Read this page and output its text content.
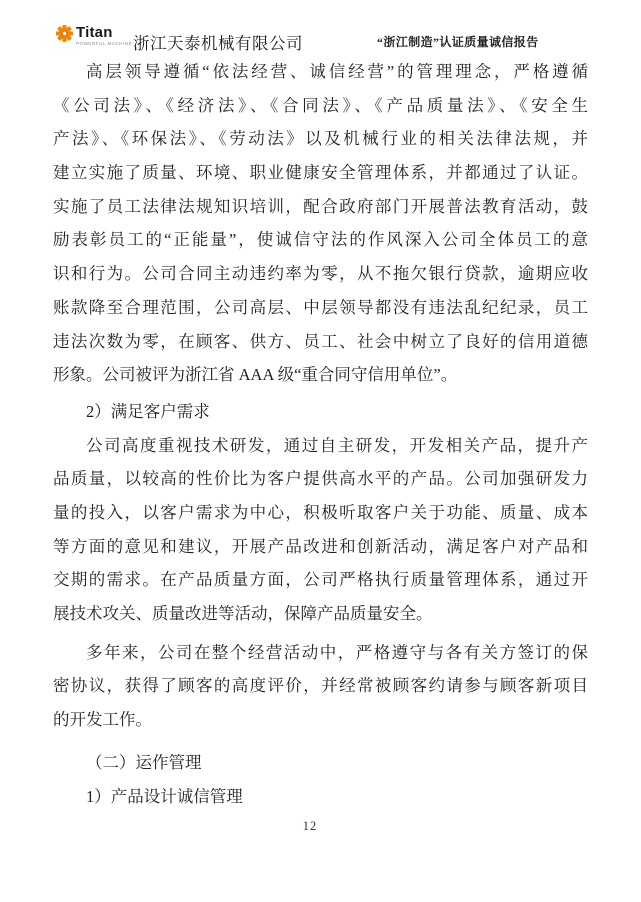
Titan
POWERFUL MACHINE 浙江天泰机械有限公司	“浙江制造”认证质量诚信报告
高层领导遵循“依法经营、诚信经营”的管理理念，严格遵循
《公司法》、《经济法》、《合同法》、《产品质量法》、《安全生
产法》、《环保法》、《劳动法》以及机械行业的相关法律法规，并
建立实施了质量、环境、职业健康安全管理体系，并都通过了认证。
实施了员工法律法规知识培训，配合政府部门开展普法教育活动，鼓
励表彰员工的“正能量”，使诚信守法的作风深入公司全体员工的意
识和行为。公司合同主动违约率为零，从不拖欠银行贷款，逾期应收
账款降至合理范围，公司高层、中层领导都没有违法乱纪纪录，员工
违法次数为零，在顾客、供方、员工、社会中树立了良好的信用道德
形象。公司被评为浙江省 AAA 级“重合同守信用单位”。
2）满足客户需求
公司高度重视技术研发，通过自主研发，开发相关产品，提升产
品质量，以较高的性价比为客户提供高水平的产品。公司加强研发力
量的投入，以客户需求为中心，积极听取客户关于功能、质量、成本
等方面的意见和建议，开展产品改进和创新活动，满足客户对产品和
交期的需求。在产品质量方面，公司严格执行质量管理体系，通过开
展技术攻关、质量改进等活动，保障产品质量安全。
多年来，公司在整个经营活动中，严格遵守与各有关方签订的保
密协议，获得了顾客的高度评价，并经常被顾客约请参与顾客新项目
的开发工作。
（二）运作管理
1）产品设计诚信管理
12
